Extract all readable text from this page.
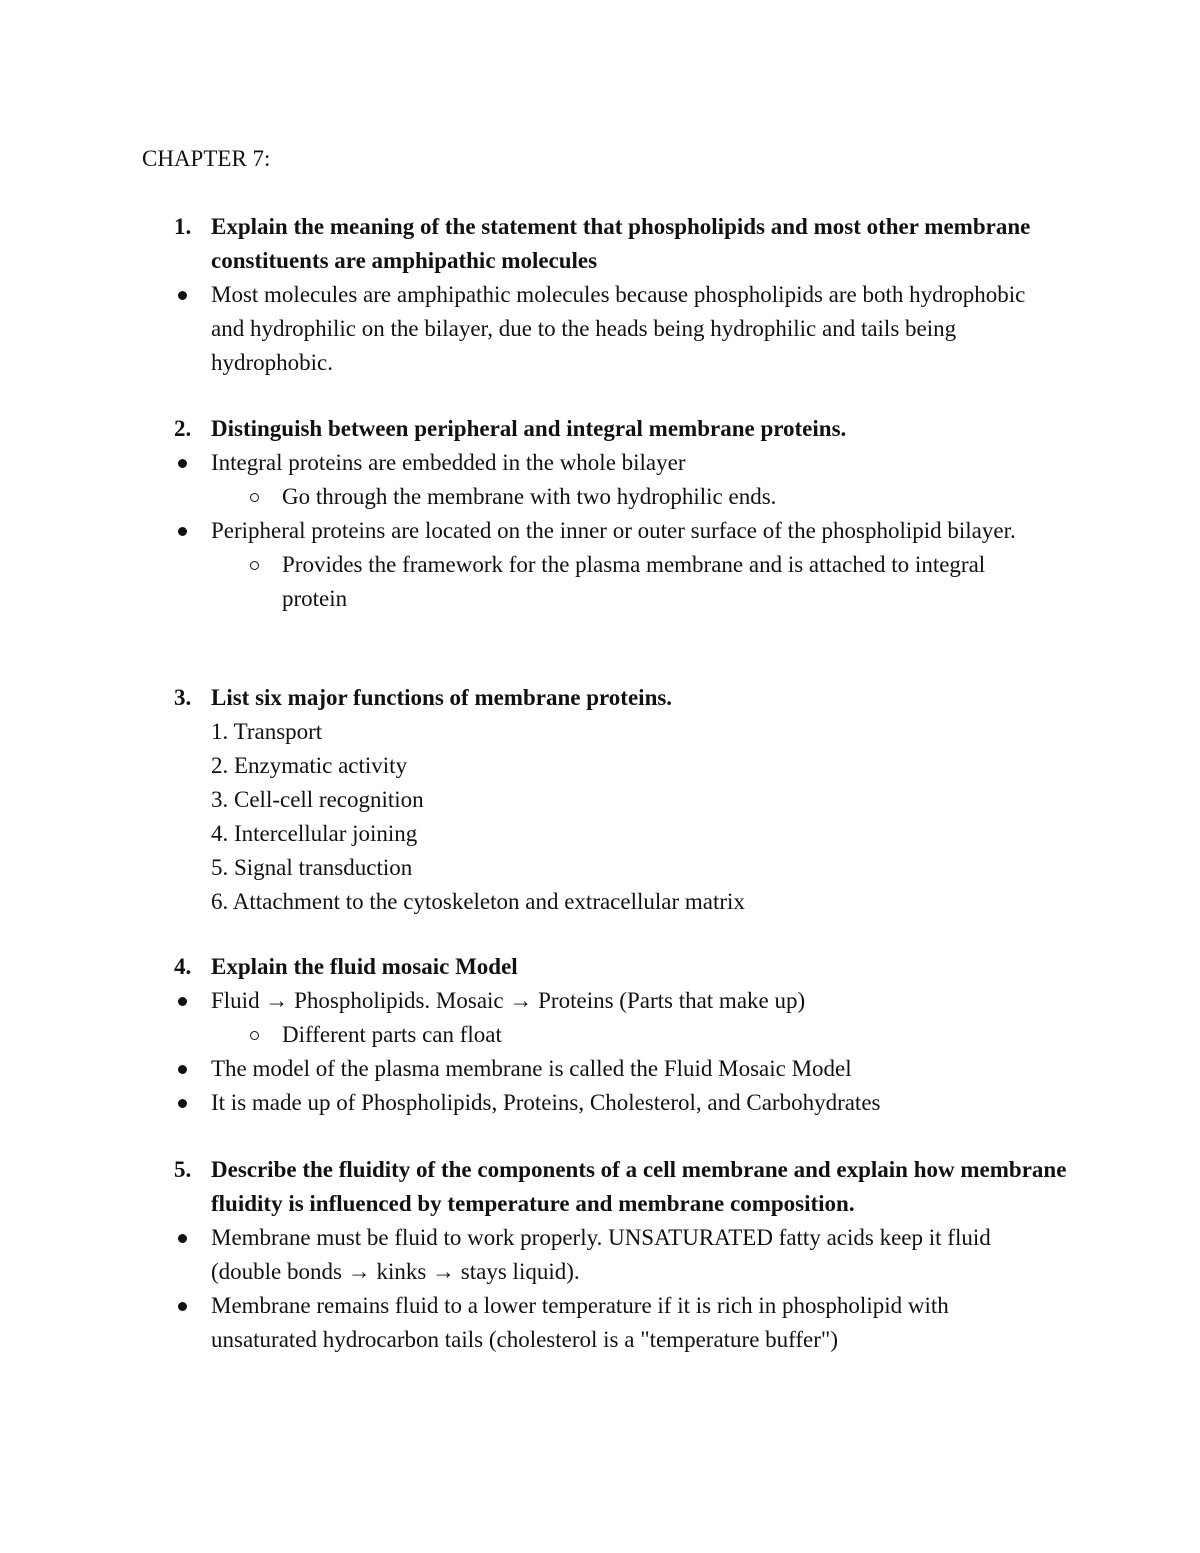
CHAPTER 7:
1. Explain the meaning of the statement that phospholipids and most other membrane constituents are amphipathic molecules
Most molecules are amphipathic molecules because phospholipids are both hydrophobic and hydrophilic on the bilayer, due to the heads being hydrophilic and tails being hydrophobic.
2. Distinguish between peripheral and integral membrane proteins.
Integral proteins are embedded in the whole bilayer
Go through the membrane with two hydrophilic ends.
Peripheral proteins are located on the inner or outer surface of the phospholipid bilayer.
Provides the framework for the plasma membrane and is attached to integral protein
3. List six major functions of membrane proteins.
1. Transport
2. Enzymatic activity
3. Cell-cell recognition
4. Intercellular joining
5. Signal transduction
6. Attachment to the cytoskeleton and extracellular matrix
4. Explain the fluid mosaic Model
Fluid → Phospholipids. Mosaic → Proteins (Parts that make up)
Different parts can float
The model of the plasma membrane is called the Fluid Mosaic Model
It is made up of Phospholipids, Proteins, Cholesterol, and Carbohydrates
5. Describe the fluidity of the components of a cell membrane and explain how membrane fluidity is influenced by temperature and membrane composition.
Membrane must be fluid to work properly. UNSATURATED fatty acids keep it fluid (double bonds → kinks → stays liquid).
Membrane remains fluid to a lower temperature if it is rich in phospholipid with unsaturated hydrocarbon tails (cholesterol is a "temperature buffer")
